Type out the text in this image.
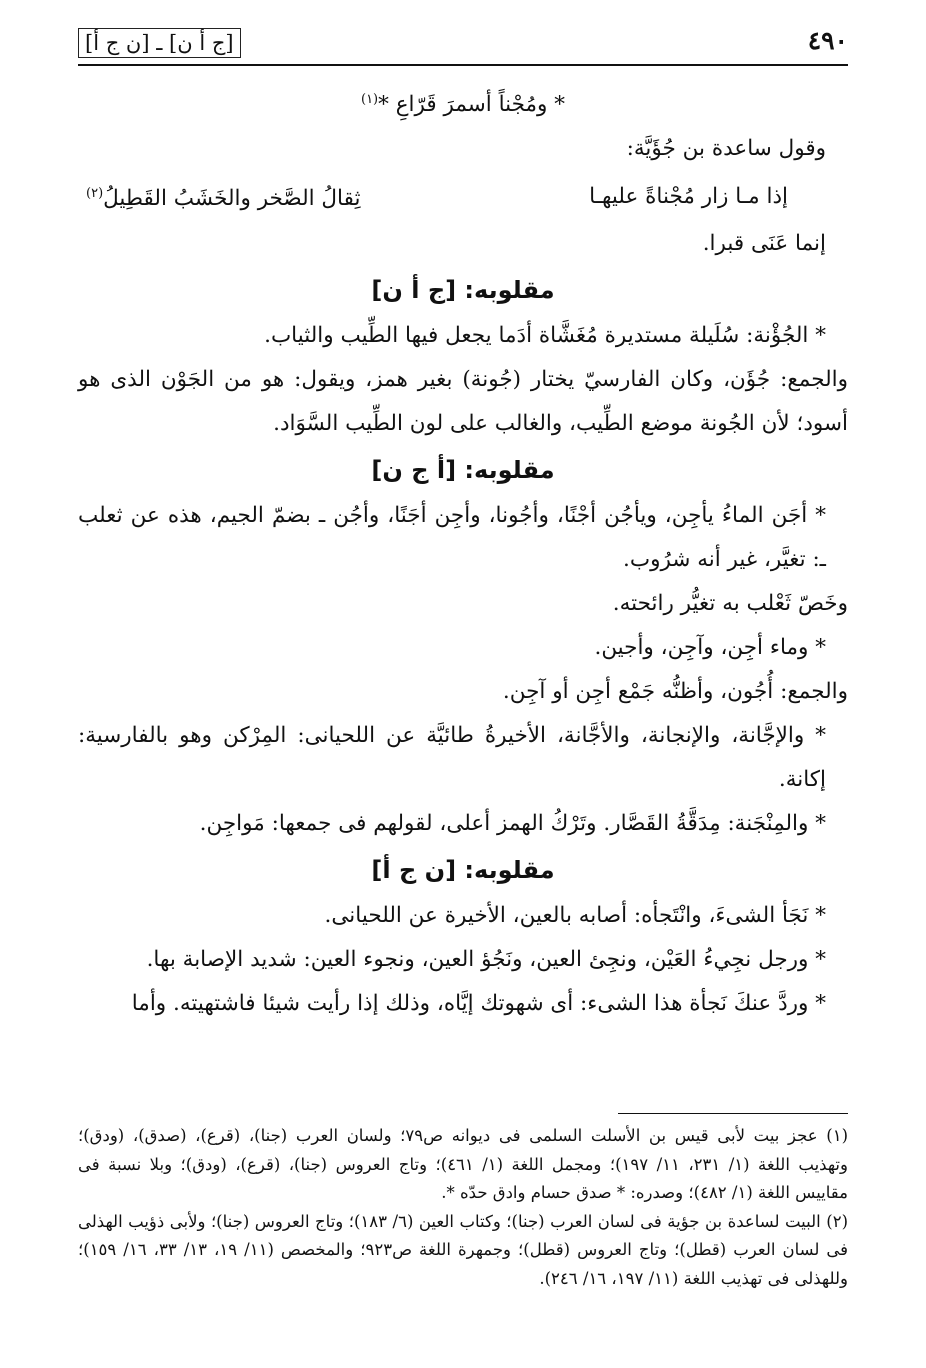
٤٩٠
[ج أ ن] ـ [ن ج أ]

* ومُجْناً أسمرَ قَرّاعِ *$^{(١)}$

وقول ساعدة بن جُؤَيَّة:

إذا مـا زار مُجْناةً عليهـا
ثِقالُ الصَّخر والخَشَبُ القَطِيلُ$^{(٢)}$

إنما عَنَى قبرا.

مقلوبه: [ج أ ن]

* الجُؤْنة: سُلَيلة مستديرة مُغَشَّاة أدَما يجعل فيها الطِّيب والثياب.

والجمع: جُؤَن، وكان الفارسيّ يختار (جُونة) بغير همز، ويقول: هو من الجَوْن الذى هو أسود؛ لأن الجُونة موضع الطِّيب، والغالب على لون الطِّيب السَّوَاد.

مقلوبه: [أ ج ن]

* أجَن الماءُ يأجِن، ويأجُن أجْنًا، وأجُونا، وأجِن أجَنًا، وأجُن ـ بضمّ الجيم، هذه عن ثعلب ـ: تغيَّر، غير أنه شرُوب.

وخَصّ ثَعْلب به تغيُّر رائحته.

* وماء أجِن، وآجِن، وأجين.

والجمع: أُجُون، وأظنُّه جَمْع أجِن أو آجِن.

* والإجَّانة، والإنجانة، والأجَّانة، الأخيرةُ طائيَّة عن اللحيانى: المِرْكن وهو بالفارسية: إكانة.

* والمِنْجَنة: مِدَقَّةُ القَصَّار. وتَرْكُ الهمز أعلى، لقولهم فى جمعها: مَواجِن.

مقلوبه: [ن ج أ]

* نَجَأ الشىءَ، وانْتَجأه: أصابه بالعين، الأخيرة عن اللحيانى.

* ورجل نجِيءُ العَيْن، ونجِئ العين، ونَجُؤ العين، ونجوء العين: شديد الإصابة بها.

* وردَّ عنكَ نَجأة هذا الشىء: أى شهوتك إيَّاه، وذلك إذا رأيت شيئا فاشتهيته. وأما

(١) عجز بيت لأبى قيس بن الأسلت السلمى فى ديوانه ص٧٩؛ ولسان العرب (جنا)، (قرع)، (صدق)، (ودق)؛ وتهذيب اللغة (١/ ٢٣١، ١١/ ١٩٧)؛ ومجمل اللغة (١/ ٤٦١)؛ وتاج العروس (جنا)، (قرع)، (ودق)؛ وبلا نسبة فى مقاييس اللغة (١/ ٤٨٢)؛ وصدره: * صدق حسام وادق حدّه *.

(٢) البيت لساعدة بن جؤية فى لسان العرب (جنا)؛ وكتاب العين (٦/ ١٨٣)؛ وتاج العروس (جنا)؛ ولأبى ذؤيب الهذلى فى لسان العرب (قطل)؛ وتاج العروس (قطل)؛ وجمهرة اللغة ص٩٢٣؛ والمخصص (١١/ ١٩، ١٣/ ٣٣، ١٦/ ١٥٩)؛ وللهذلى فى تهذيب اللغة (١١/ ١٩٧، ١٦/ ٢٤٦).
